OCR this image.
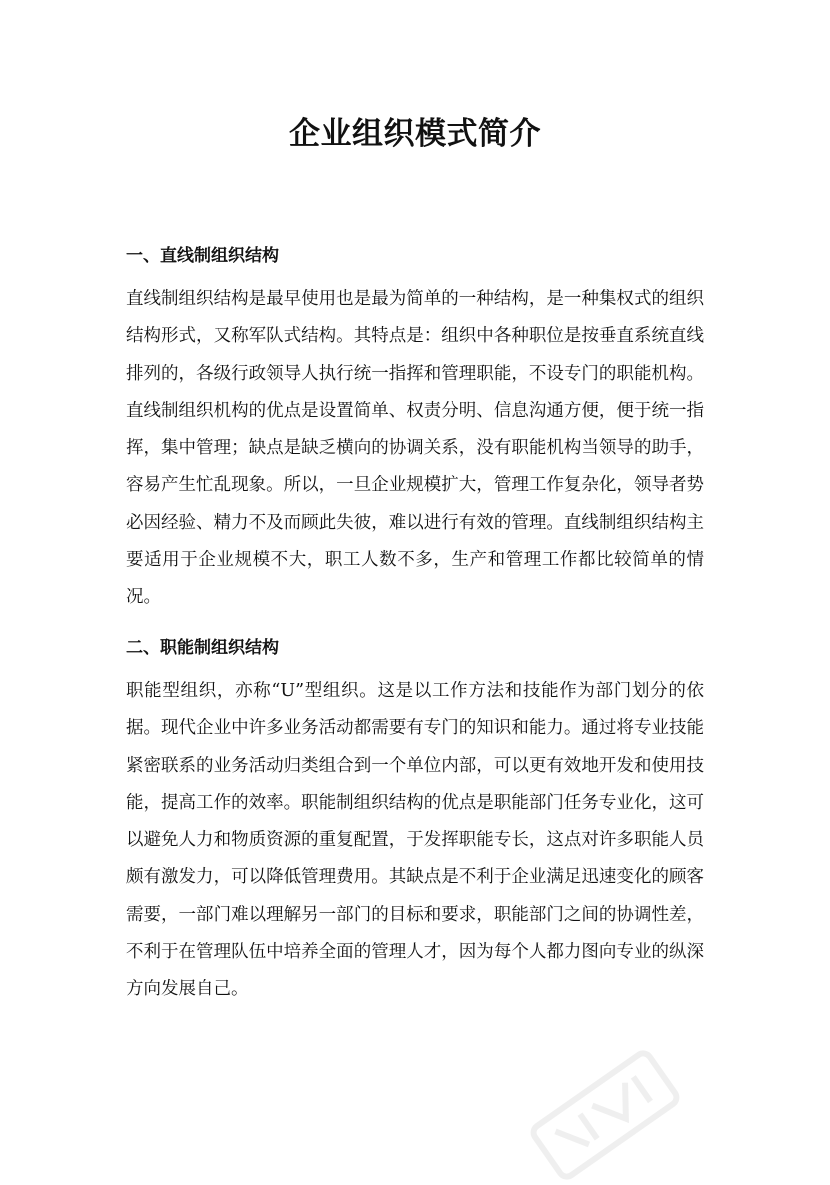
企业组织模式简介
一、直线制组织结构

直线制组织结构是最早使用也是最为简单的一种结构，是一种集权式的组织结构形式，又称军队式结构。其特点是：组织中各种职位是按垂直系统直线排列的，各级行政领导人执行统一指挥和管理职能，不设专门的职能机构。直线制组织机构的优点是设置简单、权责分明、信息沟通方便，便于统一指挥，集中管理；缺点是缺乏横向的协调关系，没有职能机构当领导的助手，容易产生忙乱现象。所以，一旦企业规模扩大，管理工作复杂化，领导者势必因经验、精力不及而顾此失彼，难以进行有效的管理。直线制组织结构主要适用于企业规模不大，职工人数不多，生产和管理工作都比较简单的情况。

二、职能制组织结构

职能型组织，亦称“U”型组织。这是以工作方法和技能作为部门划分的依据。现代企业中许多业务活动都需要有专门的知识和能力。通过将专业技能紧密联系的业务活动归类组合到一个单位内部，可以更有效地开发和使用技能，提高工作的效率。职能制组织结构的优点是职能部门任务专业化，这可以避免人力和物质资源的重复配置，于发挥职能专长，这点对许多职能人员颇有激发力，可以降低管理费用。其缺点是不利于企业满足迅速变化的顾客需要，一部门难以理解另一部门的目标和要求，职能部门之间的协调性差，不利于在管理队伍中培养全面的管理人才，因为每个人都力图向专业的纵深方向发展自己。
